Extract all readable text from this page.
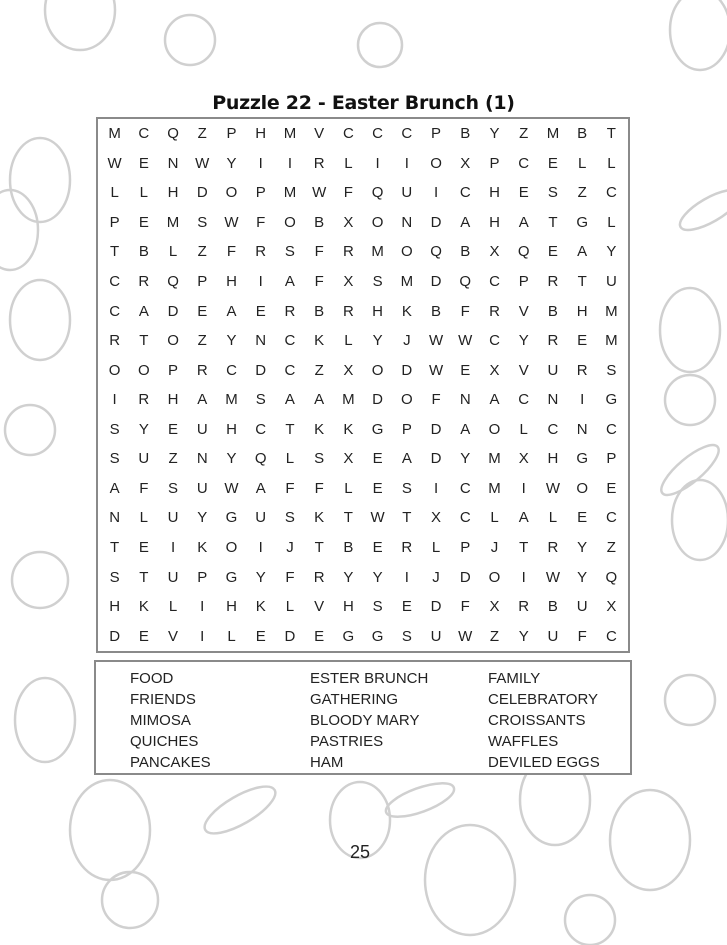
Puzzle 22 - Easter Brunch (1)
M	C	Q	Z	P	H	M	V	C	C	C	P	B	Y	Z	M	B	T
W	E	N	W	Y	I	I	R	L	I	I	O	X	P	C	E	L	L
L	L	H	D	O	P	M	W	F	Q	U	I	C	H	E	S	Z	C
P	E	M	S	W	F	O	B	X	O	N	D	A	H	A	T	G	L
T	B	L	Z	F	R	S	F	R	M	O	Q	B	X	Q	E	A	Y
C	R	Q	P	H	I	A	F	X	S	M	D	Q	C	P	R	T	U
C	A	D	E	A	E	R	B	R	H	K	B	F	R	V	B	H	M
R	T	O	Z	Y	N	C	K	L	Y	J	W	W	C	Y	R	E	M
O	O	P	R	C	D	C	Z	X	O	D	W	E	X	V	U	R	S
I	R	H	A	M	S	A	A	M	D	O	F	N	A	C	N	I	G
S	Y	E	U	H	C	T	K	K	G	P	D	A	O	L	C	N	C
S	U	Z	N	Y	Q	L	S	X	E	A	D	Y	M	X	H	G	P
A	F	S	U	W	A	F	F	L	E	S	I	C	M	I	W	O	E
N	L	U	Y	G	U	S	K	T	W	T	X	C	L	A	L	E	C
T	E	I	K	O	I	J	T	B	E	R	L	P	J	T	R	Y	Z
S	T	U	P	G	Y	F	R	Y	Y	I	J	D	O	I	W	Y	Q
H	K	L	I	H	K	L	V	H	S	E	D	F	X	R	B	U	X
D	E	V	I	L	E	D	E	G	G	S	U	W	Z	Y	U	F	C
FOOD	ESTER BRUNCH	FAMILY
FRIENDS	GATHERING	CELEBRATORY
MIMOSA	BLOODY MARY	CROISSANTS
QUICHES	PASTRIES	WAFFLES
PANCAKES	HAM	DEVILED EGGS
25
